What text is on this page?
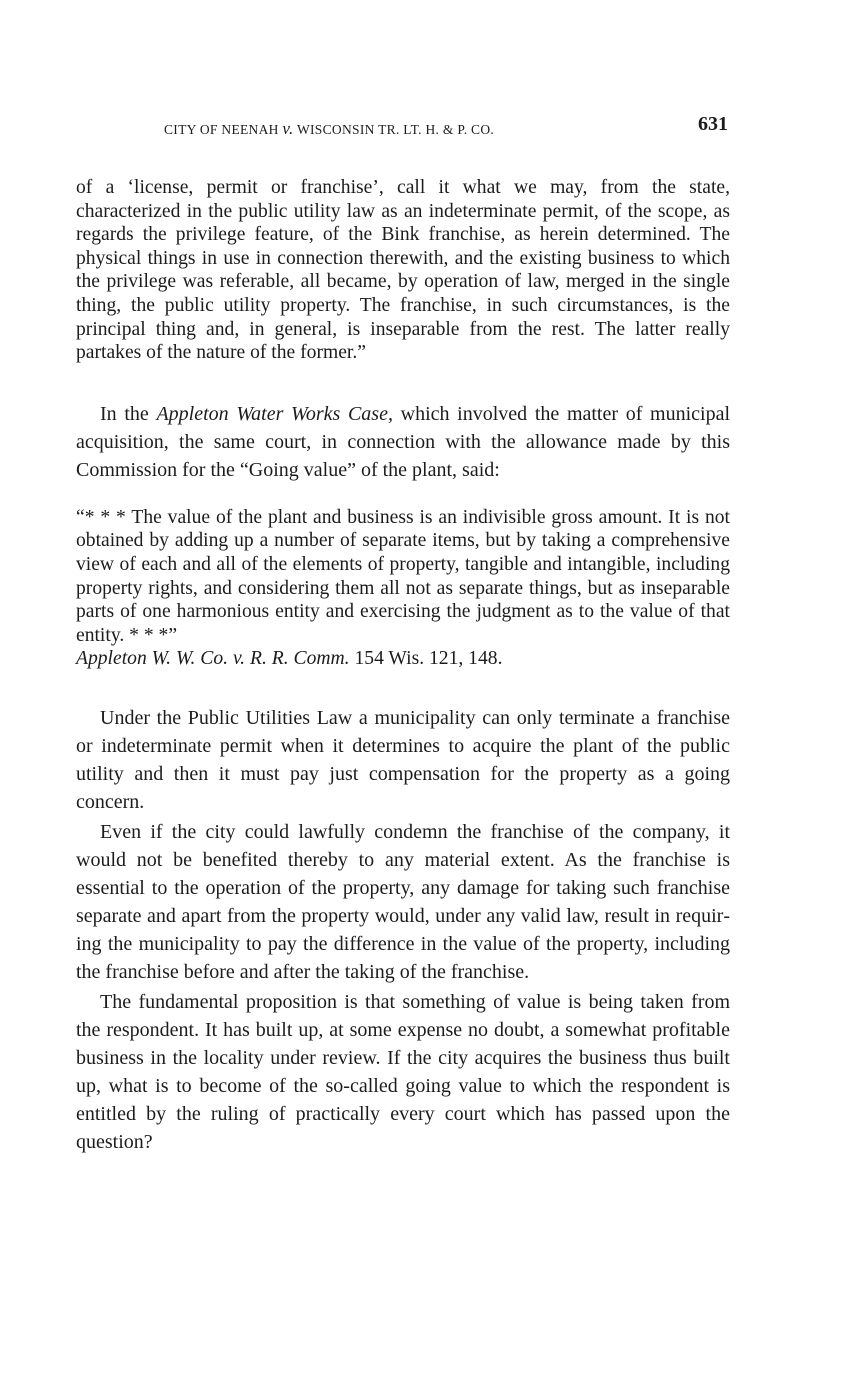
CITY OF NEENAH v. WISCONSIN TR. LT. H. & P. CO.	631

of a ‘license, permit or franchise’, call it what we may, from the state, characterized in the public utility law as an indeterminate permit, of the scope, as regards the privilege feature, of the Bink franchise, as herein determined. The physical things in use in connection therewith, and the existing business to which the privilege was referable, all became, by operation of law, merged in the single thing, the public utility property. The franchise, in such circumstances, is the principal thing and, in general, is inseparable from the rest. The latter really partakes of the nature of the former.”

In the Appleton Water Works Case, which involved the matter of municipal acquisition, the same court, in connection with the allowance made by this Commission for the “Going value” of the plant, said:

“* * * The value of the plant and business is an indivisible gross amount. It is not obtained by adding up a number of separate items, but by taking a comprehensive view of each and all of the elements of property, tangible and intangible, including property rights, and considering them all not as separate things, but as inseparable parts of one harmonious entity and exercising the judgment as to the value of that entity. * * *”
Appleton W. W. Co. v. R. R. Comm. 154 Wis. 121, 148.

Under the Public Utilities Law a municipality can only terminate a franchise or indeterminate permit when it determines to acquire the plant of the public utility and then it must pay just compensation for the property as a going concern.

Even if the city could lawfully condemn the franchise of the company, it would not be benefited thereby to any material extent. As the franchise is essential to the operation of the property, any damage for taking such franchise separate and apart from the property would, under any valid law, result in requiring the municipality to pay the difference in the value of the property, including the franchise before and after the taking of the franchise.

The fundamental proposition is that something of value is being taken from the respondent. It has built up, at some expense no doubt, a somewhat profitable business in the locality under review. If the city acquires the business thus built up, what is to become of the so-called going value to which the respondent is entitled by the ruling of practically every court which has passed upon the question?
